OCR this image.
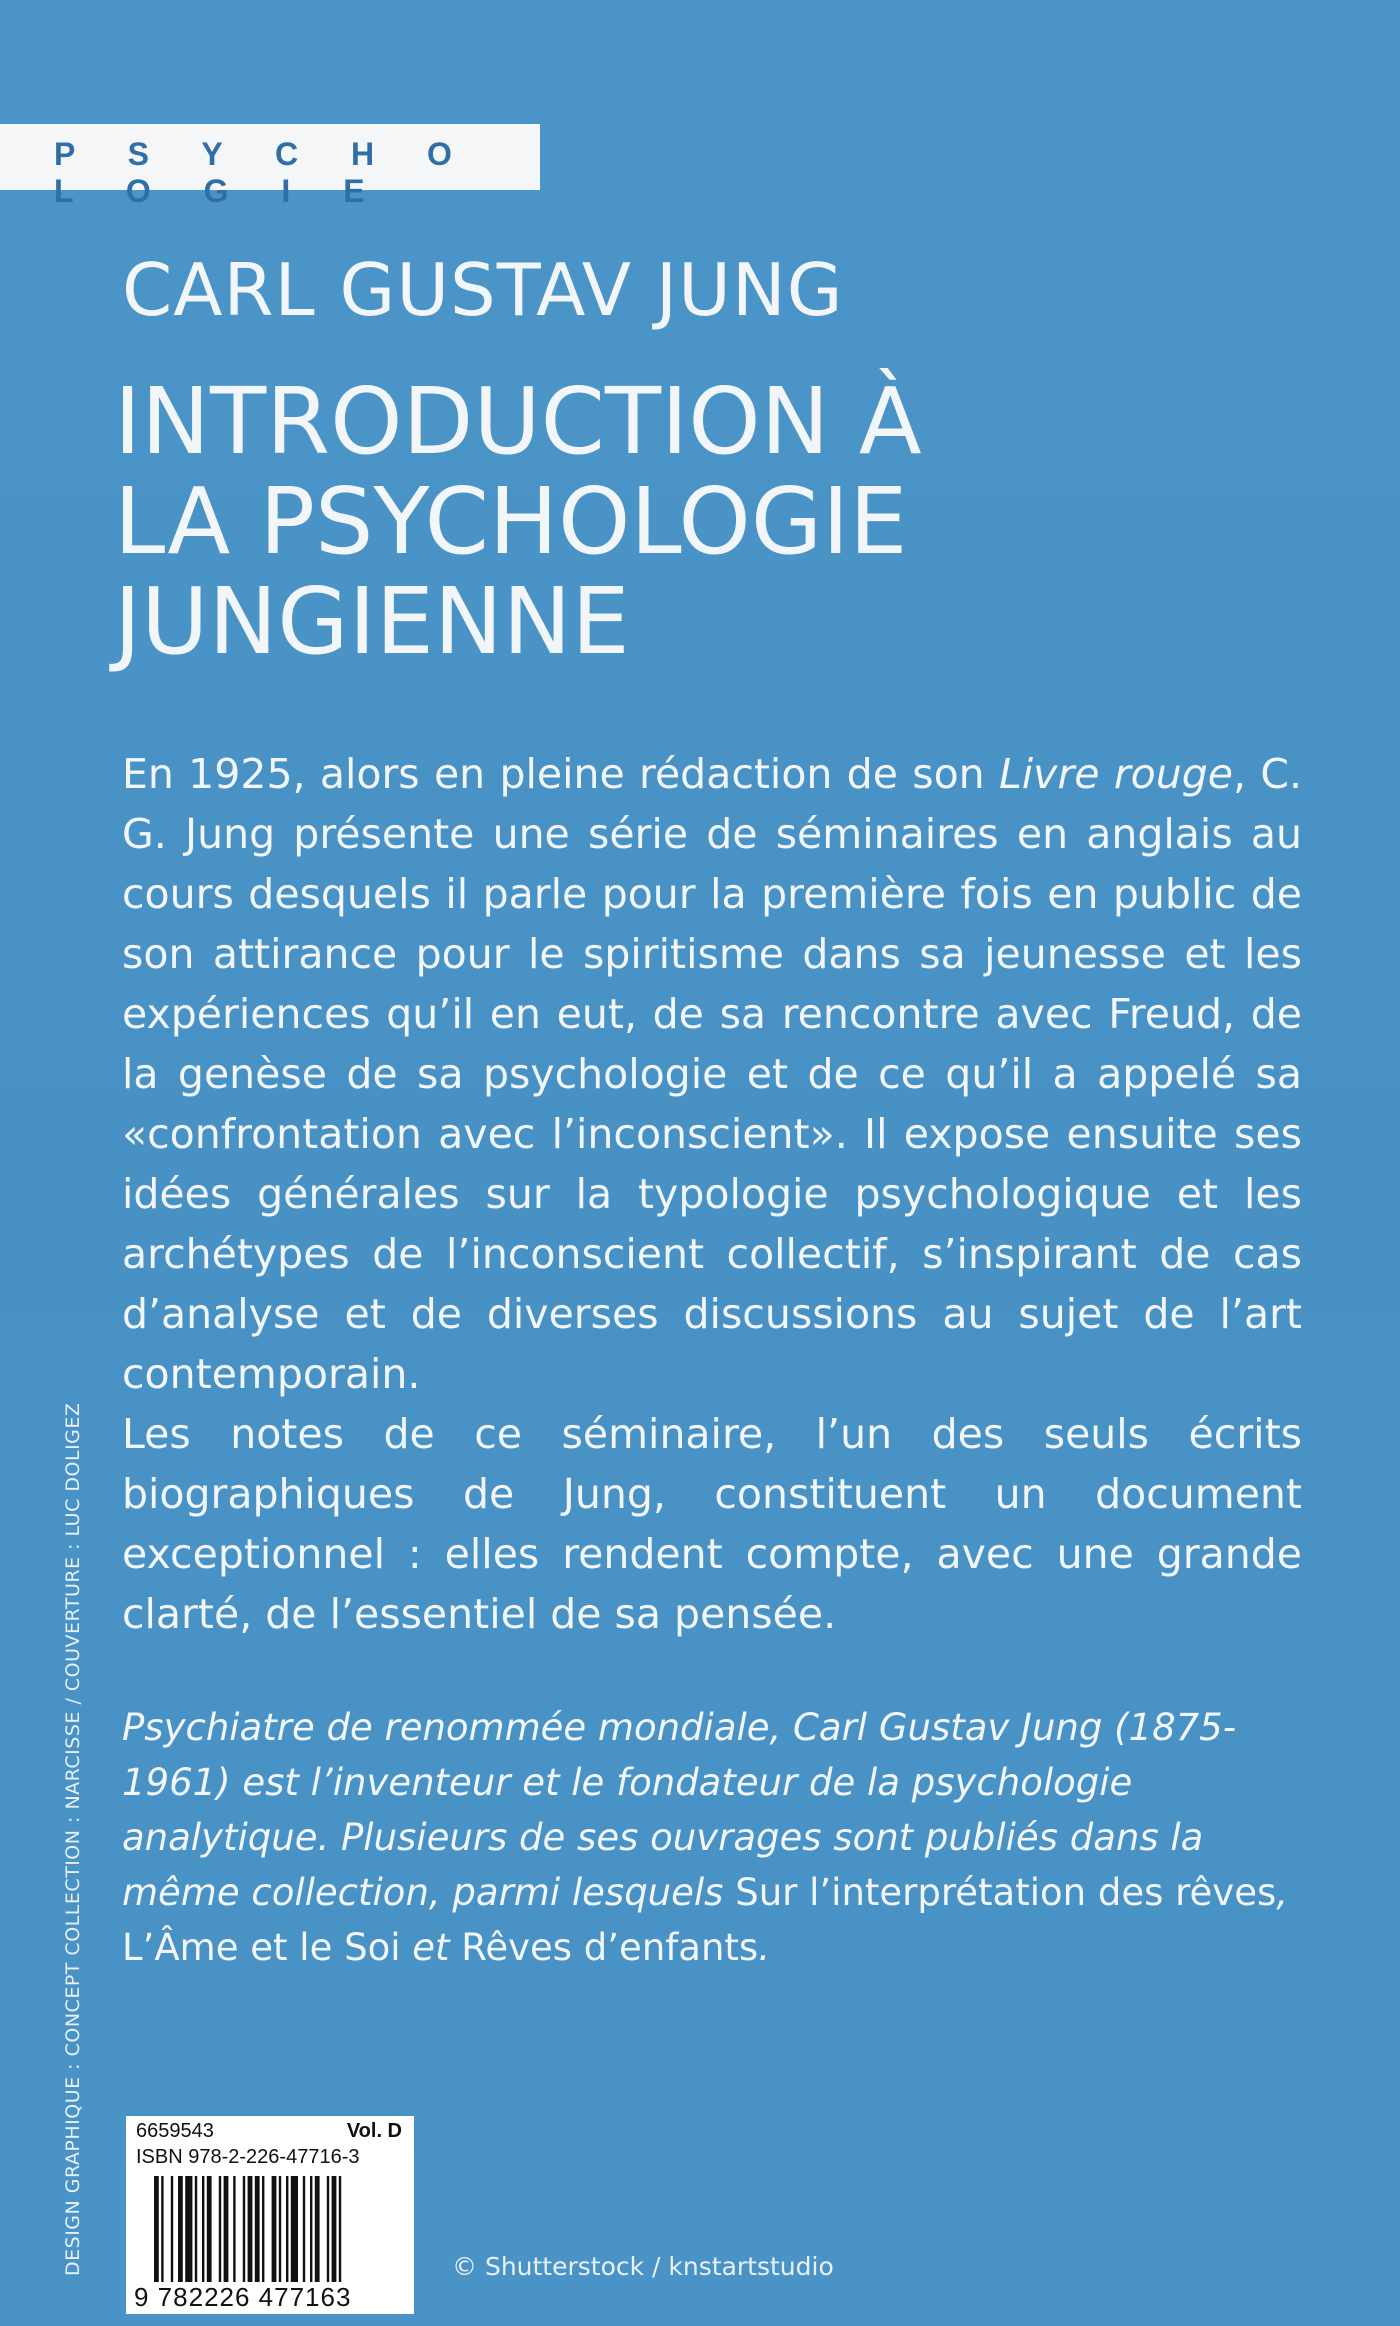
P S Y C H O L O G I E
CARL GUSTAV JUNG
INTRODUCTION À
LA PSYCHOLOGIE
JUNGIENNE

En 1925, alors en pleine rédaction de son Livre rouge, C. G. Jung présente une série de séminaires en anglais au cours desquels il parle pour la première fois en public de son attirance pour le spiritisme dans sa jeunesse et les expériences qu’il en eut, de sa rencontre avec Freud, de la genèse de sa psychologie et de ce qu’il a appelé sa «confrontation avec l’inconscient». Il expose ensuite ses idées générales sur la typologie psychologique et les archétypes de l’inconscient collectif, s’inspirant de cas d’analyse et de diverses discussions au sujet de l’art contemporain.

Les notes de ce séminaire, l’un des seuls écrits biographiques de Jung, constituent un document exceptionnel : elles rendent compte, avec une grande clarté, de l’essentiel de sa pensée.

Psychiatre de renommée mondiale, Carl Gustav Jung (1875-1961) est l’inventeur et le fondateur de la psychologie analytique. Plusieurs de ses ouvrages sont publiés dans la même collection, parmi lesquels Sur l’interprétation des rêves, L’Âme et le Soi et Rêves d’enfants.
DESIGN GRAPHIQUE : CONCEPT COLLECTION : NARCISSE / COUVERTURE : LUC DOLIGEZ	6659543	Vol. D
ISBN 978-2-226-47716-3
9 782226 477163
© Shutterstock / knstartstudio
